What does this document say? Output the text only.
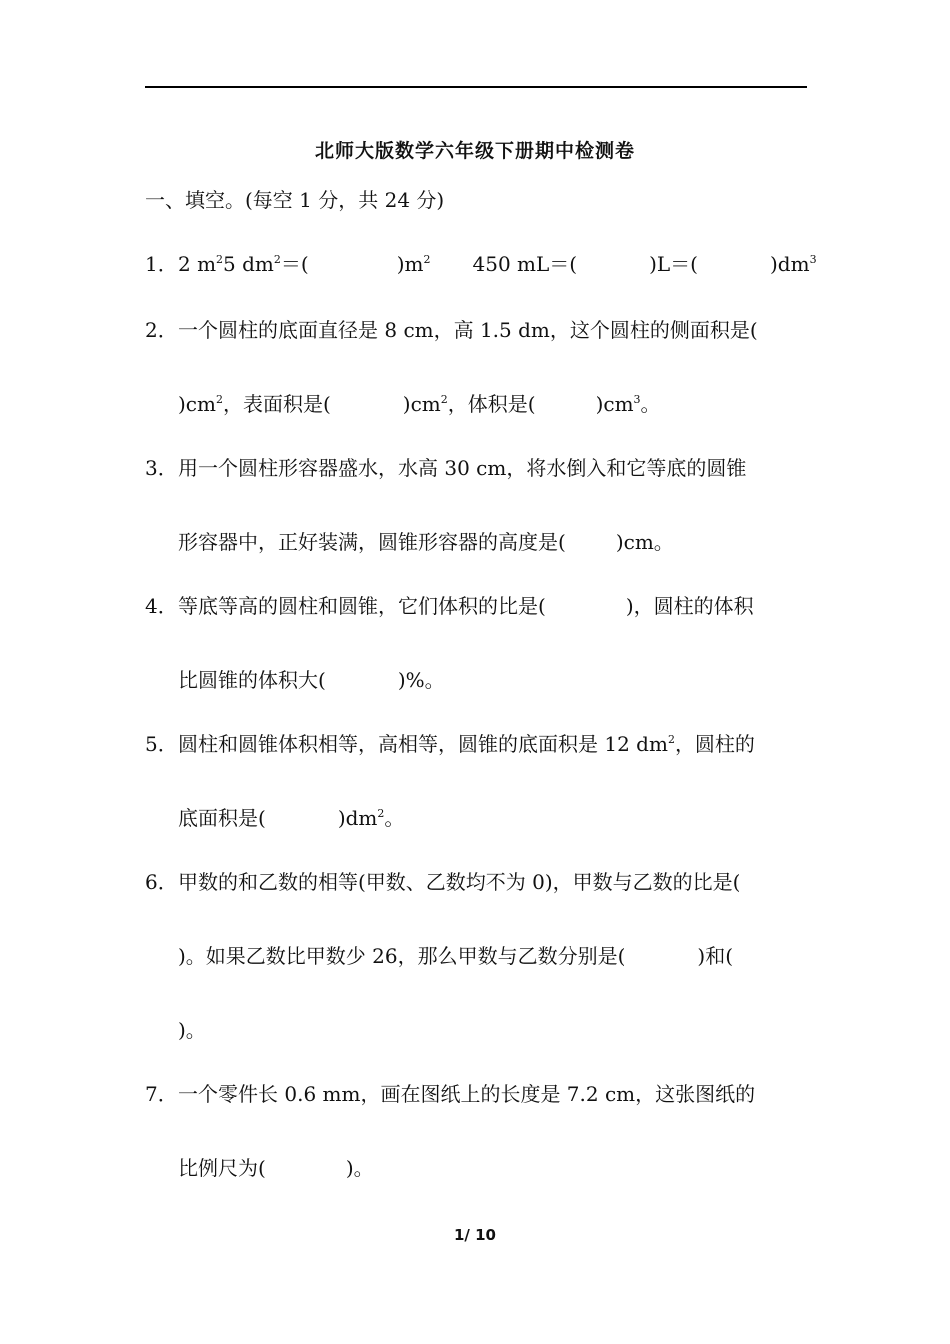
北师大版数学六年级下册期中检测卷
一、填空。(每空 1 分，共 24 分)
1． 2 $m^25$ $dm^2=$(	)$m^2$ 450 mL＝(	)L＝(	)$dm^3$
2． 一个圆柱的底面直径是 8 cm，高 1.5 dm，这个圆柱的侧面积是(
)$cm^2$，表面积是(	)$cm^2$，体积是(	)$cm^3$。
3． 用一个圆柱形容器盛水，水高 30 cm，将水倒入和它等底的圆锥
形容器中，正好装满，圆锥形容器的高度是(	)cm。
4． 等底等高的圆柱和圆锥，它们体积的比是(	)，圆柱的体积
比圆锥的体积大(	)%。
5． 圆柱和圆锥体积相等，高相等，圆锥的底面积是 12 $dm^2$，圆柱的
底面积是(	)$dm^2$。
6． 甲数的和乙数的相等(甲数、乙数均不为 0)，甲数与乙数的比是(
)。如果乙数比甲数少 26，那么甲数与乙数分别是(	)和(
)。
7． 一个零件长 0.6 mm，画在图纸上的长度是 7.2 cm，这张图纸的
比例尺为(	)。
1/ 10
